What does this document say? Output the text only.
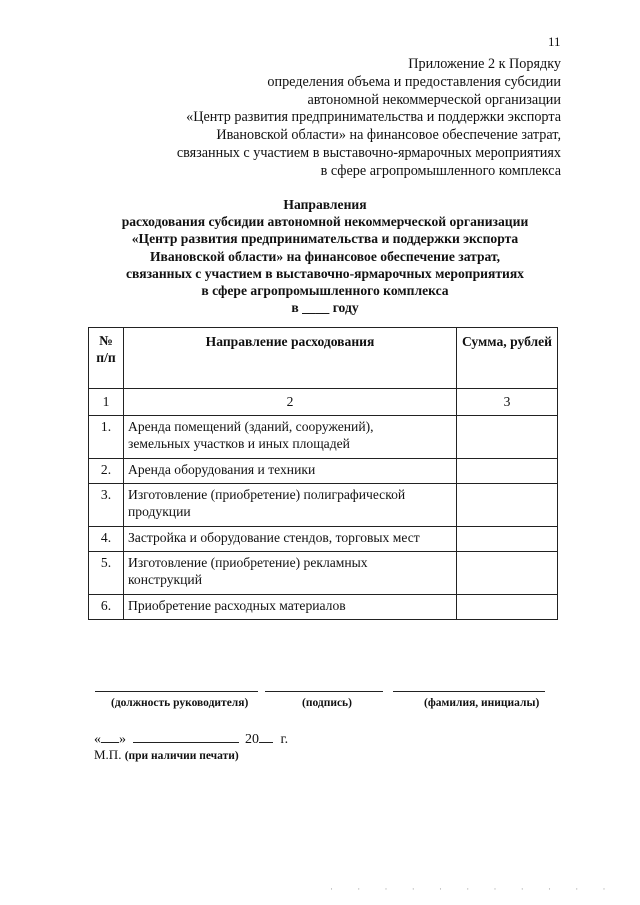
11
Приложение 2 к Порядку
определения объема и предоставления субсидии
автономной некоммерческой организации
«Центр развития предпринимательства и поддержки экспорта
Ивановской области» на финансовое обеспечение затрат,
связанных с участием в выставочно-ярмарочных мероприятиях
в сфере агропромышленного комплекса
Направления
расходования субсидии автономной некоммерческой организации
«Центр развития предпринимательства и поддержки экспорта
Ивановской области» на финансовое обеспечение затрат,
связанных с участием в выставочно-ярмарочных мероприятиях
в сфере агропромышленного комплекса
в ____ году
№
п/п	Направление расходования	Сумма, рублей
1	2	3
1.	Аренда помещений (зданий, сооружений),
земельных участков и иных площадей	

2.	Аренда оборудования и техники	

3.	Изготовление (приобретение) полиграфической
продукции	

4.	Застройка и оборудование стендов, торговых мест	

5.	Изготовление (приобретение) рекламных
конструкций	

6.	Приобретение расходных материалов	

(должность руководителя)	(подпись)	(фамилия, инициалы)
« »	20 г.
М.П. (при наличии печати)
· · · · · · · · · · ·
